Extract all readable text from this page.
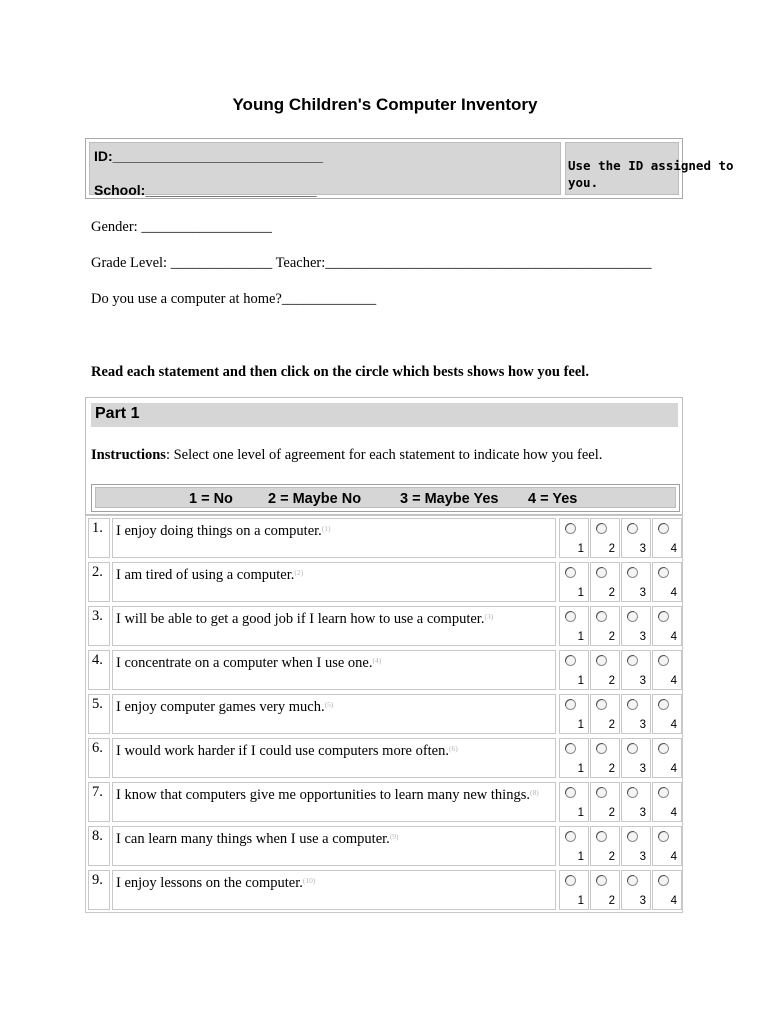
Young Children's Computer Inventory
ID:___________________________
School:______________________
Use the ID assigned to you.
Gender: __________________
Grade Level: ______________ Teacher:_____________________________________________
Do you use a computer at home?_____________
Read each statement and then click on the circle which bests shows how you feel.
Part 1
Instructions: Select one level of agreement for each statement to indicate how you feel.
1 = No 2 = Maybe No	3 = Maybe Yes 4 = Yes
1. I enjoy doing things on a computer.$^{(1)}$
1	2	3	4
2. I am tired of using a computer.$^{(2)}$
1	2	3	4
3. I will be able to get a good job if I learn how to use a computer.$^{(3)}$
1	2	3	4
4. I concentrate on a computer when I use one.$^{(4)}$
1	2	3	4
5. I enjoy computer games very much.$^{(5)}$
1	2	3	4
6. I would work harder if I could use computers more often.$^{(6)}$
1	2	3	4
7. I know that computers give me opportunities to learn many new things.$^{(8)}$
1	2	3	4
8. I can learn many things when I use a computer.$^{(9)}$
1	2	3	4
9. I enjoy lessons on the computer.$^{(10)}$
1	2	3	4
